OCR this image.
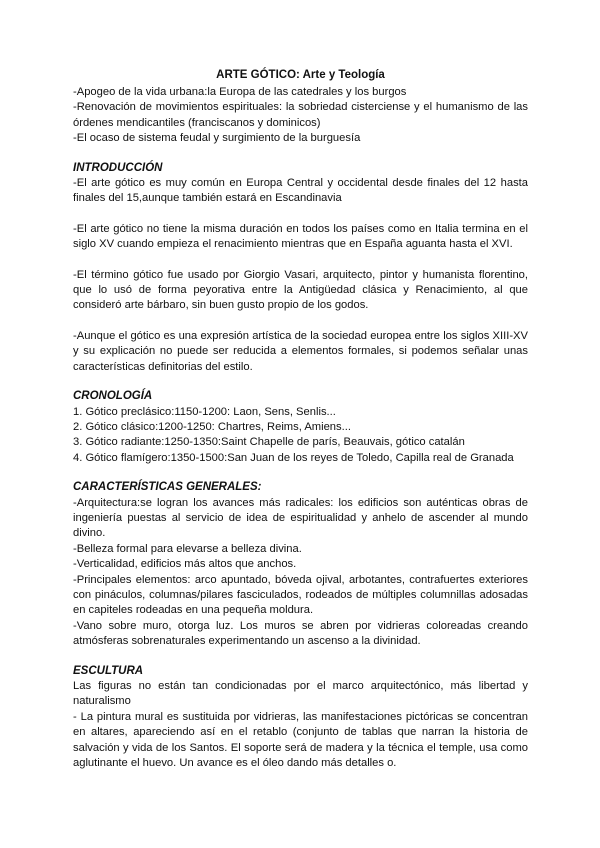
ARTE GÓTICO: Arte y Teología

-Apogeo de la vida urbana:la Europa de las catedrales y los burgos

-Renovación de movimientos espirituales: la sobriedad cisterciense y el humanismo de las órdenes mendicantiles (franciscanos y dominicos)

-El ocaso de sistema feudal y surgimiento de la burguesía

INTRODUCCIÓN

-El arte gótico es muy común en Europa Central y occidental desde finales del 12 hasta finales del 15,aunque también estará en Escandinavia

-El arte gótico no tiene la misma duración en todos los países como en Italia termina en el siglo XV cuando empieza el renacimiento mientras que en España aguanta hasta el XVI.

-El término gótico fue usado por Giorgio Vasari, arquitecto, pintor y humanista florentino, que lo usó de forma peyorativa entre la Antigüedad clásica y Renacimiento, al que consideró arte bárbaro, sin buen gusto propio de los godos.

-Aunque el gótico es una expresión artística de la sociedad europea entre los siglos XIII-XV y su explicación no puede ser reducida a elementos formales, si podemos señalar unas características definitorias del estilo.

CRONOLOGÍA
1. Gótico preclásico:1150-1200: Laon, Sens, Senlis...
2. Gótico clásico:1200-1250: Chartres, Reims, Amiens...
3. Gótico radiante:1250-1350:Saint Chapelle de parís, Beauvais, gótico catalán
4. Gótico flamígero:1350-1500:San Juan de los reyes de Toledo, Capilla real de Granada
CARACTERÍSTICAS GENERALES:

-Arquitectura:se logran los avances más radicales: los edificios son auténticas obras de ingeniería puestas al servicio de idea de espiritualidad y anhelo de ascender al mundo divino.

-Belleza formal para elevarse a belleza divina.

-Verticalidad, edificios más altos que anchos.

-Principales elementos: arco apuntado, bóveda ojival, arbotantes, contrafuertes exteriores con pináculos, columnas/pilares fasciculados, rodeados de múltiples columnillas adosadas en capiteles rodeadas en una pequeña moldura.

-Vano sobre muro, otorga luz. Los muros se abren por vidrieras coloreadas creando atmósferas sobrenaturales experimentando un ascenso a la divinidad.

ESCULTURA

Las figuras no están tan condicionadas por el marco arquitectónico, más libertad y naturalismo

- La pintura mural es sustituida por vidrieras, las manifestaciones pictóricas se concentran en altares, apareciendo así en el retablo (conjunto de tablas que narran la historia de salvación y vida de los Santos. El soporte será de madera y la técnica el temple, usa como aglutinante el huevo. Un avance es el óleo dando más detalles o.
